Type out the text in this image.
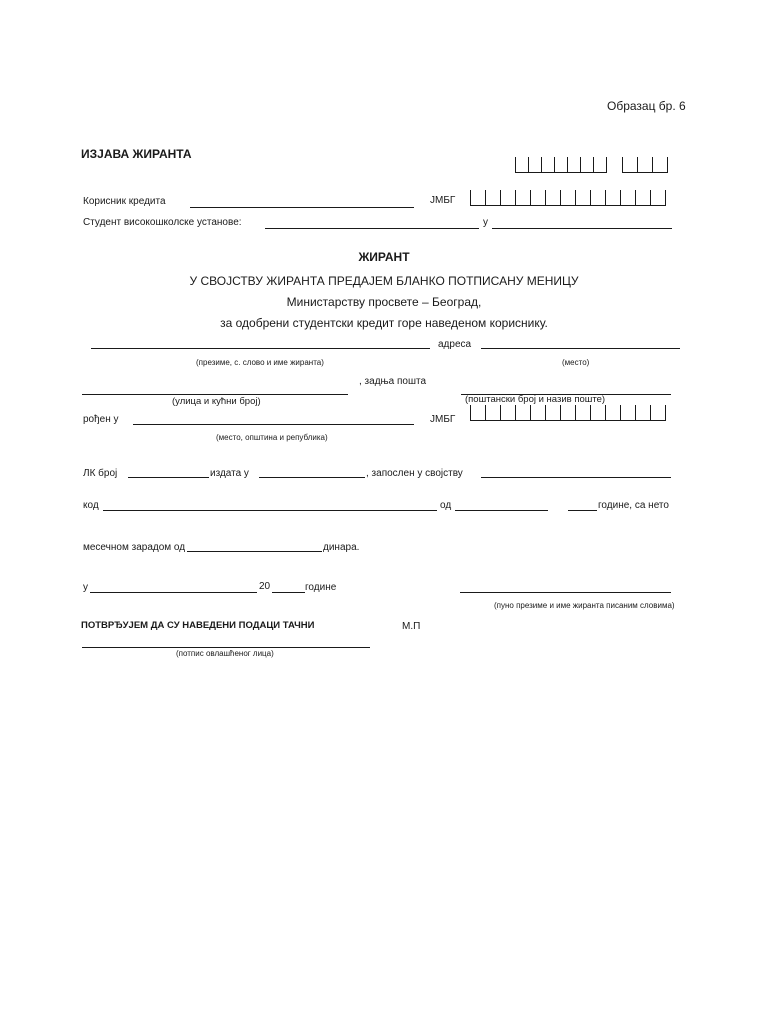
Образац бр. 6
ИЗЈАВА ЖИРАНТА
Корисник кредита	ЈМБГ
Студент високошколске установе:	у
ЖИРАНТ
У СВОЈСТВУ ЖИРАНТА ПРЕДАЈЕМ БЛАНКО ПОТПИСАНУ МЕНИЦУ
Министарству просвете – Београд,
за одобрени студентски кредит горе наведеном кориснику.
адреса
(презиме, с. слово и име жиранта)	(место)
, задња пошта
(улица и кућни број)	(поштански број и назив поште)
рођен у	ЈМБГ
(место, општина и република)
ЛК број	издата у	, запослен у својству
код	од	године, са нето
месечном зарадом од	динара.
у	20	годинe
(пуно презиме и име жиранта писаним словима)
ПОТВРЂУЈЕМ ДА СУ НАВЕДЕНИ ПОДАЦИ ТАЧНИ	М.П
(потпис овлашћеног лица)
